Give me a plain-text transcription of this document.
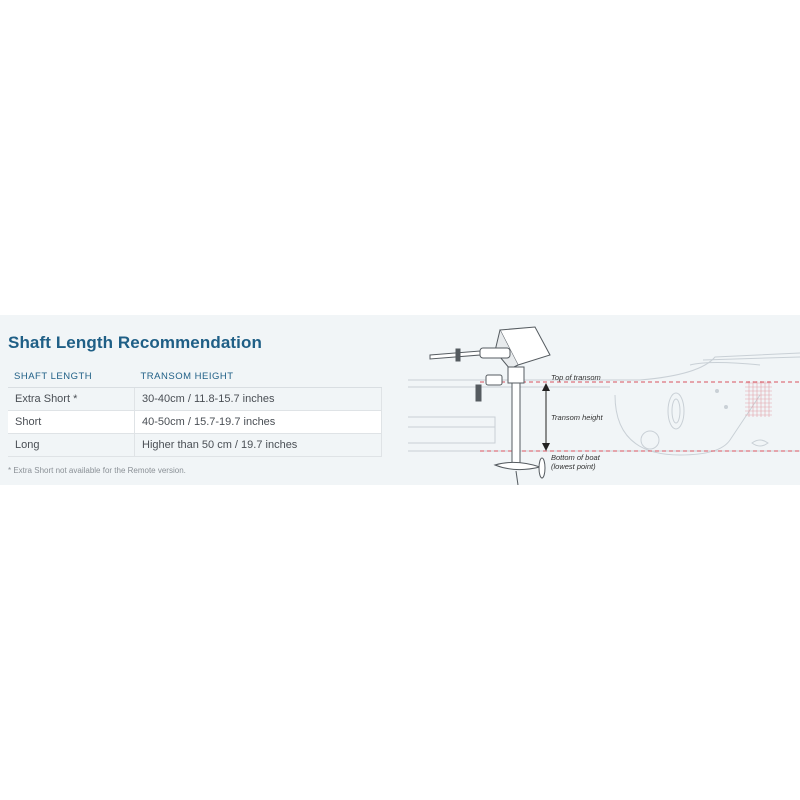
Shaft Length Recommendation
SHAFT LENGTH	TRANSOM HEIGHT
Extra Short *	30-40cm / 11.8-15.7 inches
Short	40-50cm / 15.7-19.7 inches
Long	Higher than 50 cm / 19.7 inches
* Extra Short not available for the Remote version.
Top of transom
Transom height
Bottom of boat
(lowest point)
